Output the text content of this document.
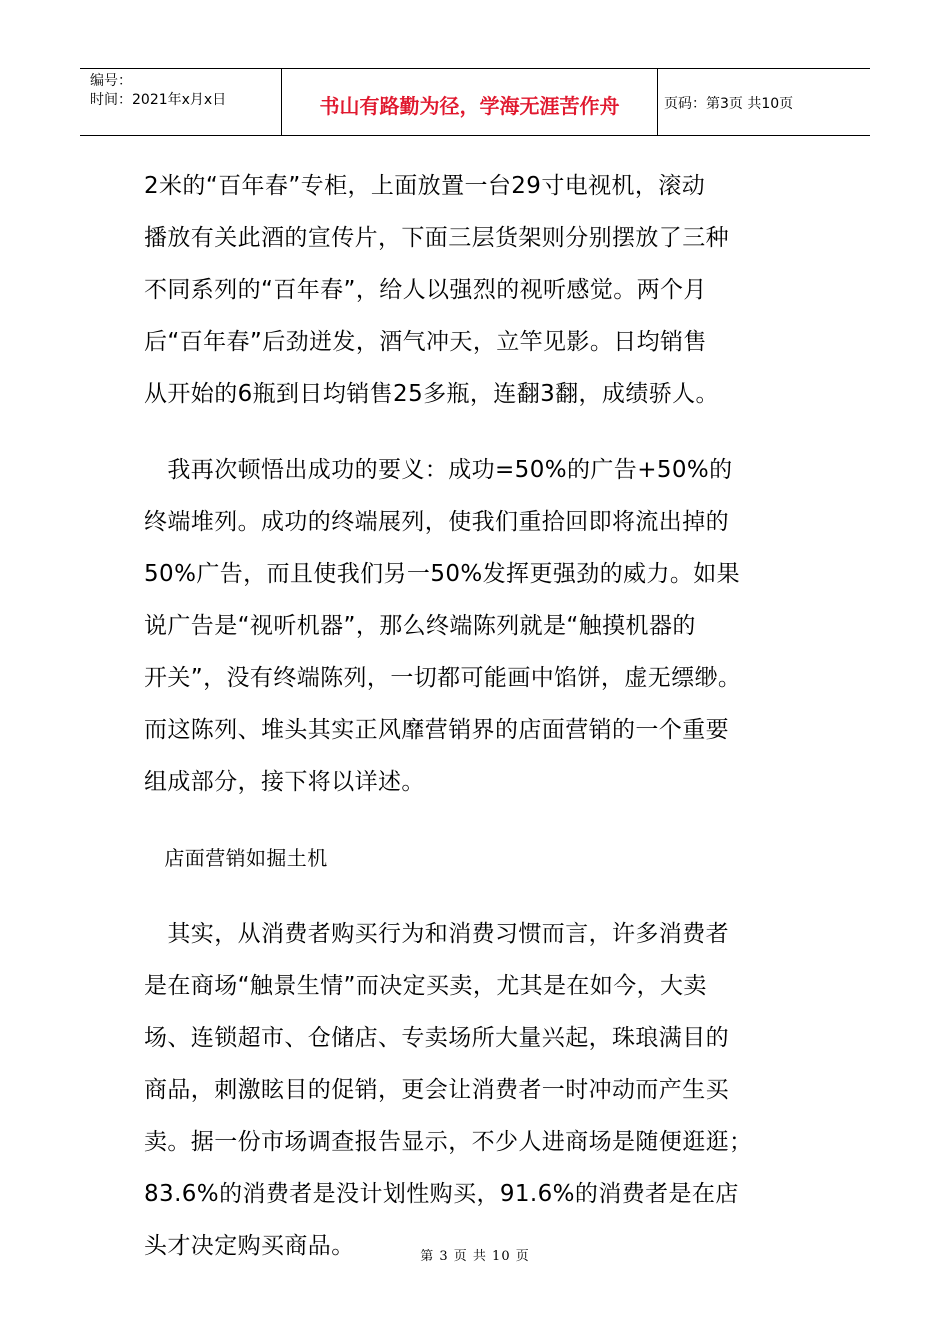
编号：
时间：2021年x月x日	书山有路勤为径，学海无涯苦作舟	页码：第3页 共10页

2米的“百年春”专柜，上面放置一台29寸电视机，滚动
播放有关此酒的宣传片，下面三层货架则分别摆放了三种
不同系列的“百年春”，给人以强烈的视听感觉。两个月
后“百年春”后劲迸发，酒气冲天，立竿见影。日均销售
从开始的6瓶到日均销售25多瓶，连翻3翻，成绩骄人。

　我再次顿悟出成功的要义：成功=50%的广告+50%的
终端堆列。成功的终端展列，使我们重拾回即将流出掉的
50%广告，而且使我们另一50%发挥更强劲的威力。如果
说广告是“视听机器”，那么终端陈列就是“触摸机器的
开关”，没有终端陈列，一切都可能画中馅饼，虚无缥缈。
而这陈列、堆头其实正风靡营销界的店面营销的一个重要
组成部分，接下将以详述。

　店面营销如掘土机

　其实，从消费者购买行为和消费习惯而言，许多消费者
是在商场“触景生情”而决定买卖，尤其是在如今，大卖
场、连锁超市、仓储店、专卖场所大量兴起，珠琅满目的
商品，刺激眩目的促销，更会让消费者一时冲动而产生买
卖。据一份市场调查报告显示，不少人进商场是随便逛逛；
83.6%的消费者是没计划性购买，91.6%的消费者是在店
头才决定购买商品。	第 3 页 共 10 页
